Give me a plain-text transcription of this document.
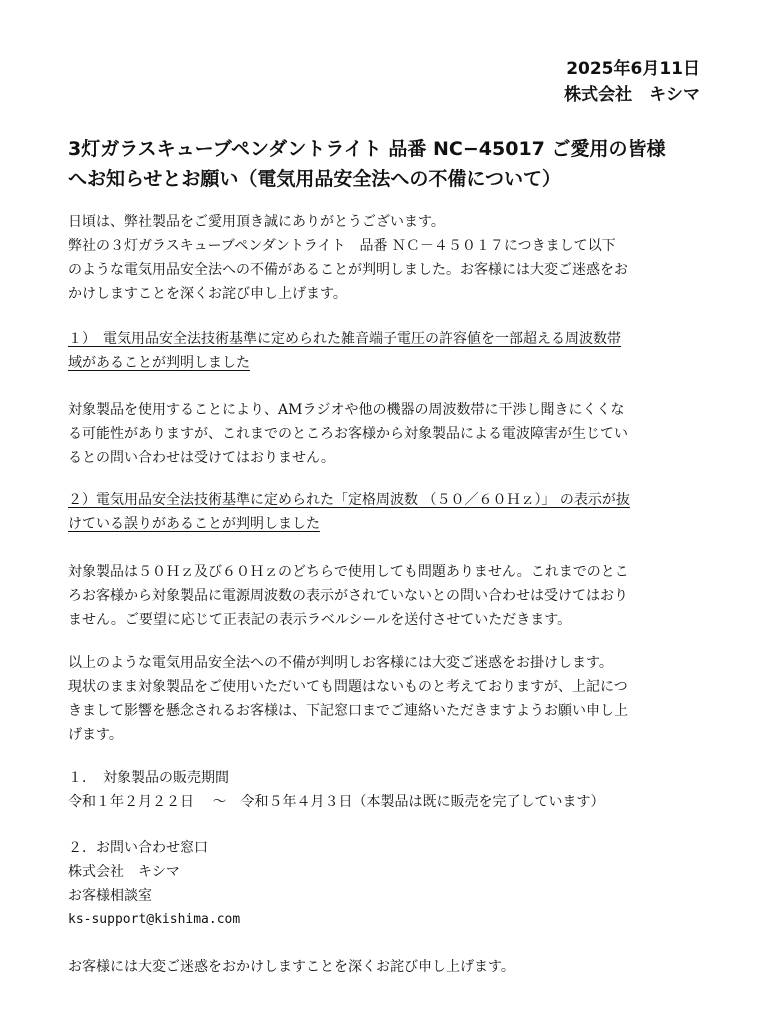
2025年6月11日
株式会社　キシマ
3灯ガラスキューブペンダントライト 品番 NC−45017 ご愛用の皆様
へお知らせとお願い（電気用品安全法への不備について）

日頃は、弊社製品をご愛用頂き誠にありがとうございます。
弊社の３灯ガラスキューブペンダントライト　品番 ＮＣ－４５０１７につきまして以下
のような電気用品安全法への不備があることが判明しました。お客様には大変ご迷惑をお
かけしますことを深くお詫び申し上げます。

１）　電気用品安全法技術基準に定められた雑音端子電圧の許容値を一部超える周波数帯
域があることが判明しました

対象製品を使用することにより、AMラジオや他の機器の周波数帯に干渉し聞きにくくな
る可能性がありますが、これまでのところお客様から対象製品による電波障害が生じてい
るとの問い合わせは受けてはおりません。

２）電気用品安全法技術基準に定められた「定格周波数 （５０／６０Ｈｚ）」 の表示が抜
けている誤りがあることが判明しました

対象製品は５０Ｈｚ及び６０Ｈｚのどちらで使用しても問題ありません。これまでのとこ
ろお客様から対象製品に電源周波数の表示がされていないとの問い合わせは受けてはおり
ません。ご要望に応じて正表記の表示ラベルシールを送付させていただきます。

以上のような電気用品安全法への不備が判明しお客様には大変ご迷惑をお掛けします。
現状のまま対象製品をご使用いただいても問題はないものと考えておりますが、上記につ
きまして影響を懸念されるお客様は、下記窓口までご連絡いただきますようお願い申し上
げます。

１．　対象製品の販売期間
令和１年２月２２日　 ～　令和５年４月３日（本製品は既に販売を完了しています）

２．お問い合わせ窓口
株式会社　キシマ
お客様相談室
ks-support@kishima.com

お客様には大変ご迷惑をおかけしますことを深くお詫び申し上げます。
